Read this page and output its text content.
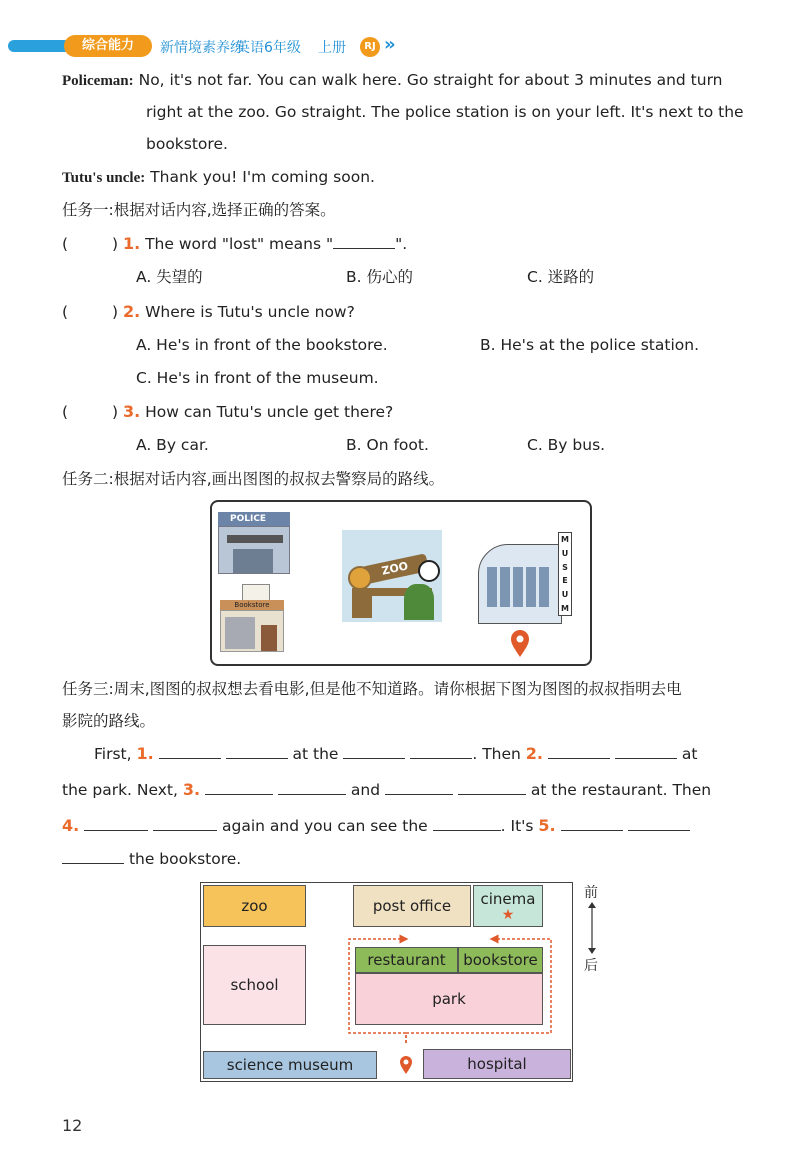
综合能力	新情境素养练
英语6年级 上册	RJ »
Policeman: No, it's not far. You can walk here. Go straight for about 3 minutes and turn
right at the zoo. Go straight. The police station is on your left. It's next to the
bookstore.
Tutu's uncle: Thank you! I'm coming soon.
任务一:根据对话内容,选择正确的答案。
(	) 1. The word "lost" means "	".
A. 失望的	B. 伤心的	C. 迷路的
(	) 2. Where is Tutu's uncle now?
A. He's in front of the bookstore.	B. He's at the police station.
C. He's in front of the museum.
(	) 3. How can Tutu's uncle get there?
A. By car.	B. On foot.	C. By bus.
任务二:根据对话内容,画出图图的叔叔去警察局的路线。
POLICE
Bookstore
ZOO
M
U
S
E
U
M
任务三:周末,图图的叔叔想去看电影,但是他不知道路。请你根据下图为图图的叔叔指明去电
影院的路线。
First, 1.	at the	. Then 2.	at
the park. Next, 3.	and	at the restaurant. Then
4.	again and you can see the	. It's 5.
the bookstore.
zoo	post office	cinema
★
school
restaurant	bookstore
park
science museum	hospital
前
后
12
